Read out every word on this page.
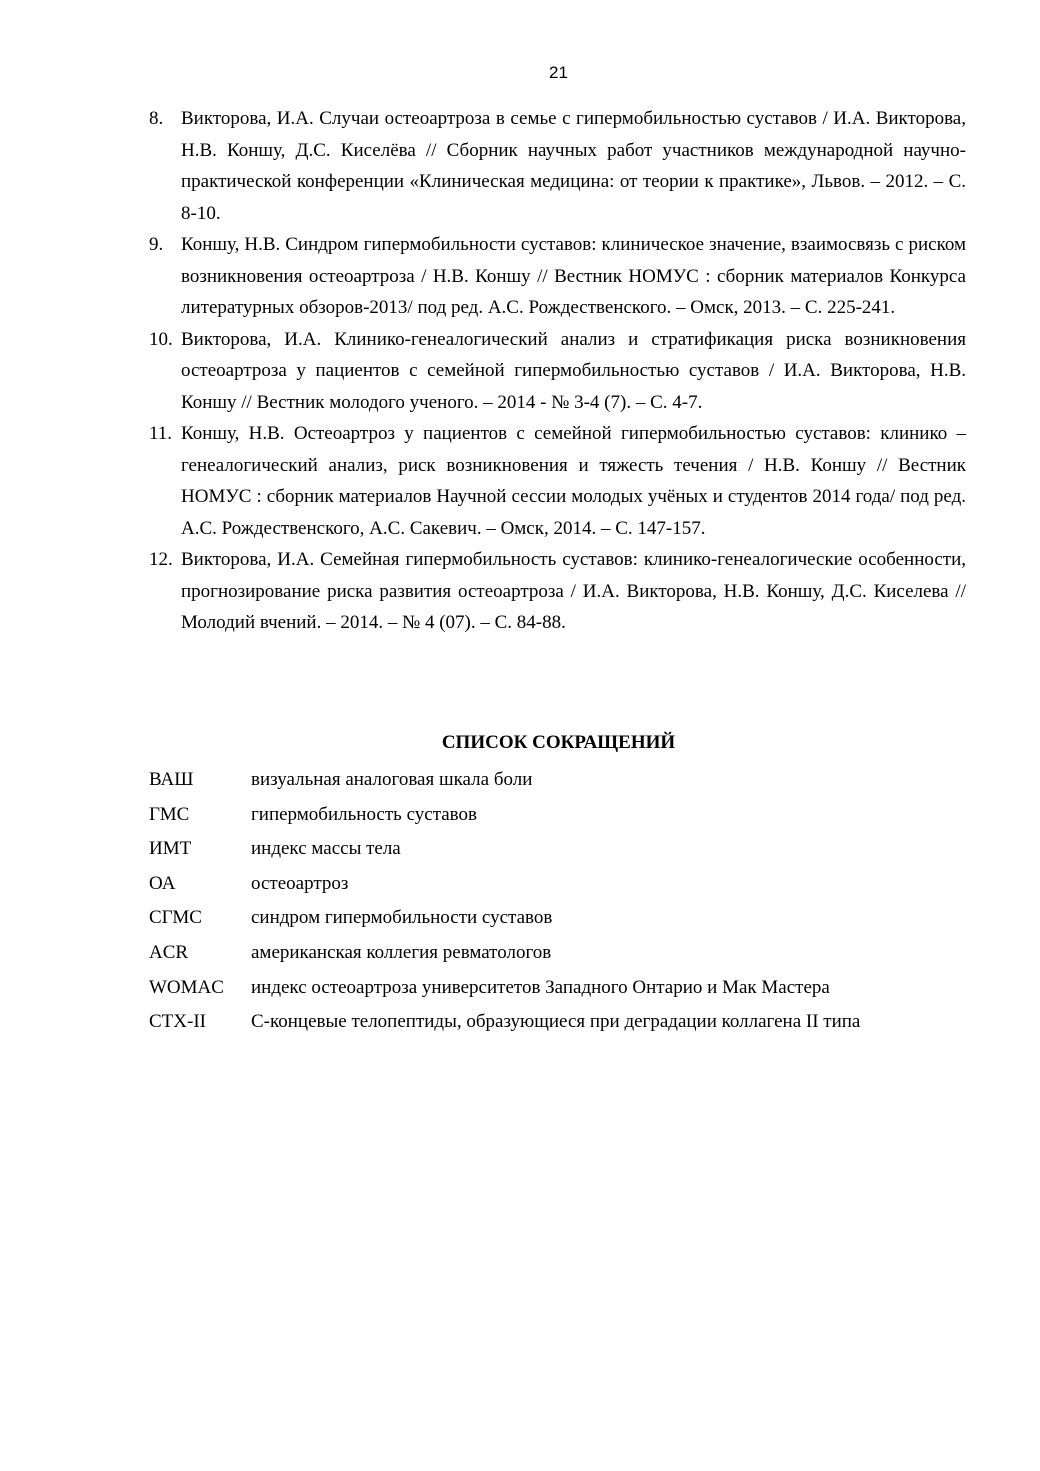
21
8. Викторова, И.А. Случаи остеоартроза в семье с гипермобильностью суставов / И.А. Викторова, Н.В. Коншу, Д.С. Киселёва // Сборник научных работ участников международной научно-практической конференции «Клиническая медицина: от теории к практике», Львов. – 2012. – С. 8-10.
9. Коншу, Н.В. Синдром гипермобильности суставов: клиническое значение, взаимосвязь с риском возникновения остеоартроза / Н.В. Коншу // Вестник НОМУС : сборник материалов Конкурса литературных обзоров-2013/ под ред. А.С. Рождественского. – Омск, 2013. – С. 225-241.
10. Викторова, И.А. Клинико-генеалогический анализ и стратификация риска возникновения остеоартроза у пациентов с семейной гипермобильностью суставов / И.А. Викторова, Н.В. Коншу // Вестник молодого ученого. – 2014 - № 3-4 (7). – С. 4-7.
11. Коншу, Н.В. Остеоартроз у пациентов с семейной гипермобильностью суставов: клинико – генеалогический анализ, риск возникновения и тяжесть течения / Н.В. Коншу // Вестник НОМУС : сборник материалов Научной сессии молодых учёных и студентов 2014 года/ под ред. А.С. Рождественского, А.С. Сакевич. – Омск, 2014. – С. 147-157.
12. Викторова, И.А. Семейная гипермобильность суставов: клинико-генеалогические особенности, прогнозирование риска развития остеоартроза / И.А. Викторова, Н.В. Коншу, Д.С. Киселева // Молодий вчений. – 2014. – № 4 (07). – С. 84-88.
СПИСОК СОКРАЩЕНИЙ
ВАШ	визуальная аналоговая шкала боли
ГМС	гипермобильность суставов
ИМТ	индекс массы тела
ОА	остеоартроз
СГМС	синдром гипермобильности суставов
ACR	американская коллегия ревматологов
WOMAC	индекс остеоартроза университетов Западного Онтарио и Мак Мастера
CTX-II	С-концевые телопептиды, образующиеся при деградации коллагена II типа
